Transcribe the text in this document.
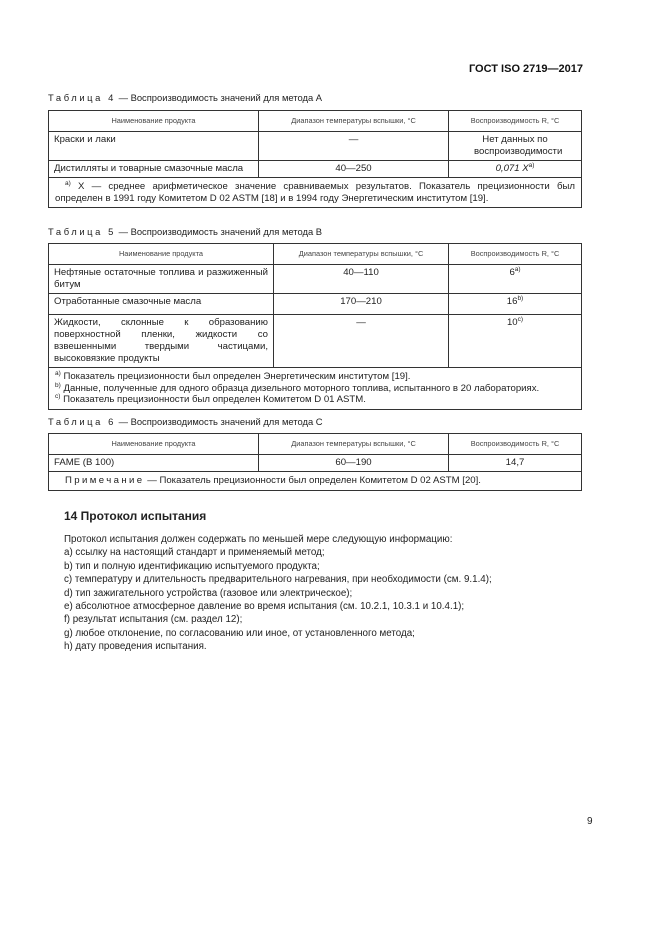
ГОСТ ISO 2719—2017
Таблица 4 — Воспроизводимость значений для метода А
Наименование продукта	Диапазон температуры вспышки, °С	Воспроизводимость R, °С
Краски и лаки	—	Нет данных по воспроизводимости
Дистилляты и товарные смазочные масла	40—250	0,071 $X^{a)}$

$^{a)}$ X — среднее арифметическое значение сравниваемых результатов. Показатель прецизионности был определен в 1991 году Комитетом D 02 ASTM [18] и в 1994 году Энергетическим институтом [19].		
Таблица 5 — Воспроизводимость значений для метода В
Наименование продукта	Диапазон температуры вспышки, °С	Воспроизводимость R, °С
Нефтяные остаточные топлива и разжиженный битум	40—110	6$^{a)}$
Отработанные смазочные масла	170—210	16$^{b)}$
Жидкости, склонные к образованию поверхностной пленки, жидкости со взвешенными твердыми частицами, высоковязкие продукты	—	10$^{c)}$

$^{a)}$ Показатель прецизионности был определен Энергетическим институтом [19].
$^{b)}$ Данные, полученные для одного образца дизельного моторного топлива, испытанного в 20 лабораториях.
$^{c)}$ Показатель прецизионности был определен Комитетом D 01 ASTM.		
Таблица 6 — Воспроизводимость значений для метода С
Наименование продукта	Диапазон температуры вспышки, °С	Воспроизводимость R, °С
FAME (В 100)	60—190	14,7
Примечание — Показатель прецизионности был определен Комитетом D 02 ASTM [20].		
14 Протокол испытания
Протокол испытания должен содержать по меньшей мере следующую информацию:
a) ссылку на настоящий стандарт и применяемый метод;
b) тип и полную идентификацию испытуемого продукта;
c) температуру и длительность предварительного нагревания, при необходимости (см. 9.1.4);
d) тип зажигательного устройства (газовое или электрическое);
e) абсолютное атмосферное давление во время испытания (см. 10.2.1, 10.3.1 и 10.4.1);
f) результат испытания (см. раздел 12);
g) любое отклонение, по согласованию или иное, от установленного метода;
h) дату проведения испытания.
9
